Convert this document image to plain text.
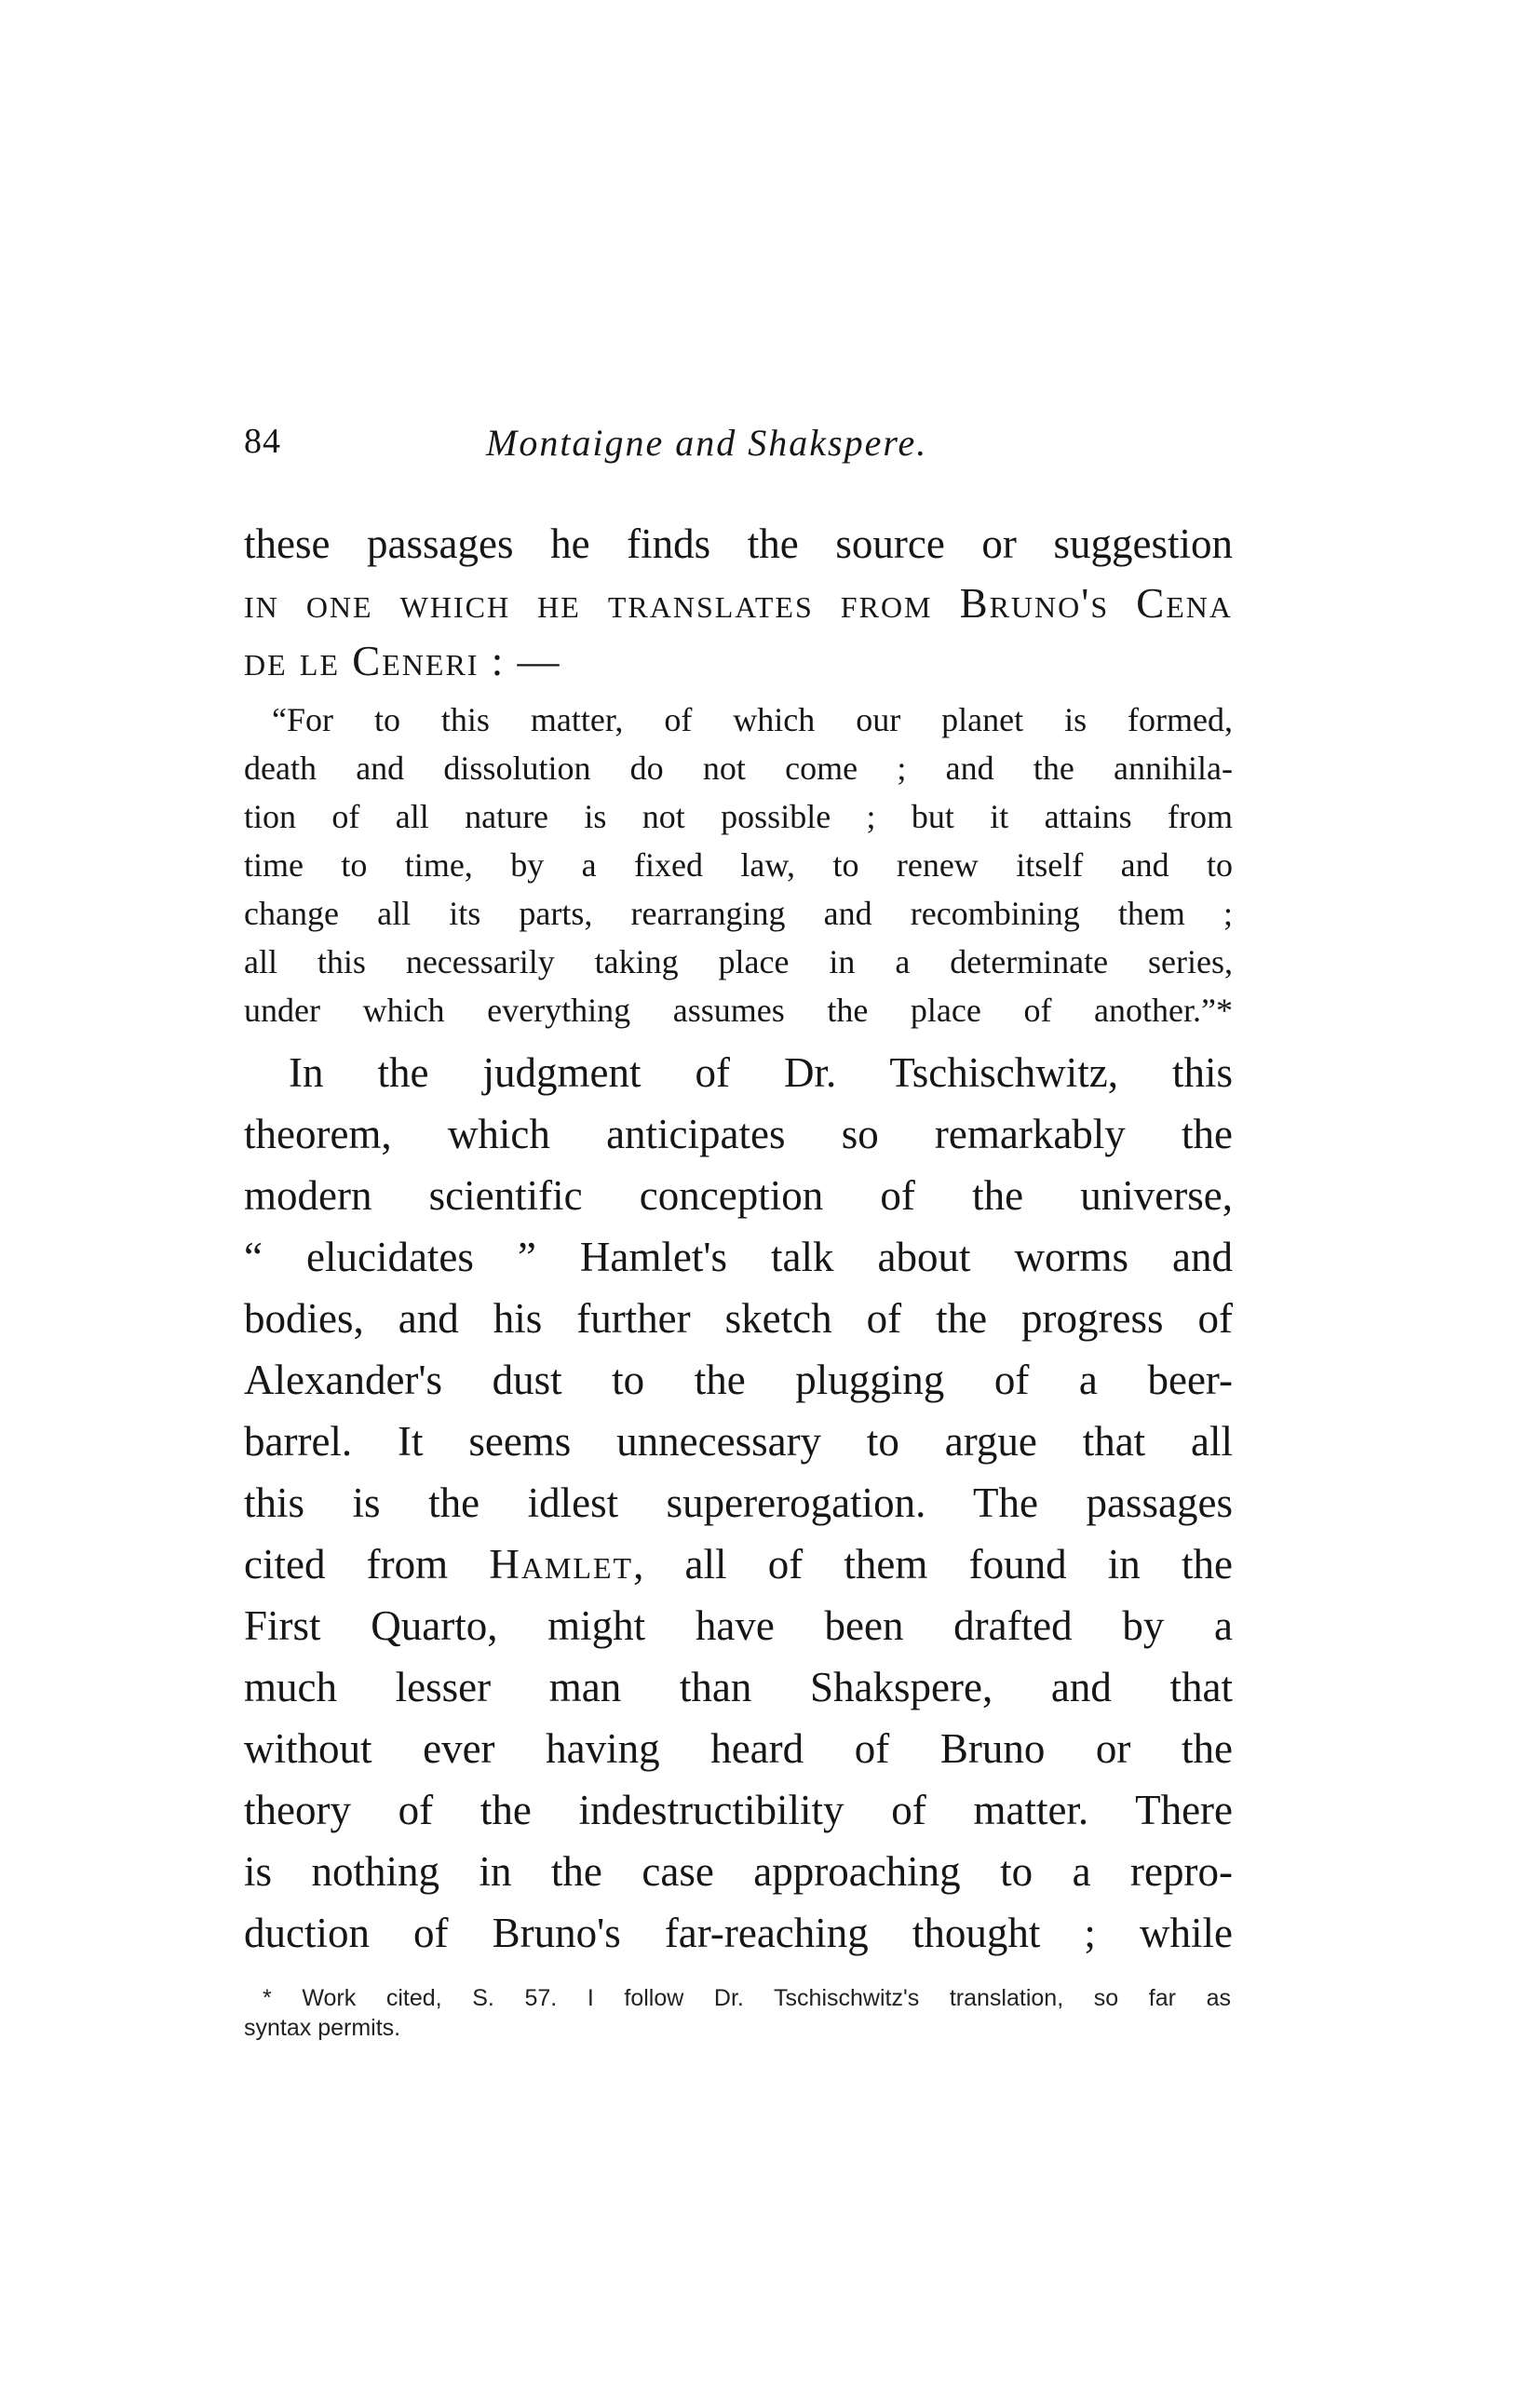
84	Montaigne and Shakspere.
these passages he finds the source or suggestion
in one which he translates from Bruno's Cena
de le Ceneri : —
“For to this matter, of which our planet is formed,
death and dissolution do not come ; and the annihila-
tion of all nature is not possible ; but it attains from
time to time, by a fixed law, to renew itself and to
change all its parts, rearranging and recombining them ;
all this necessarily taking place in a determinate series,
under which everything assumes the place of another.”*
In the judgment of Dr. Tschischwitz, this
theorem, which anticipates so remarkably the
modern scientific conception of the universe,
“ elucidates ” Hamlet's talk about worms and
bodies, and his further sketch of the progress of
Alexander's dust to the plugging of a beer-
barrel. It seems unnecessary to argue that all
this is the idlest supererogation. The passages
cited from Hamlet, all of them found in the
First Quarto, might have been drafted by a
much lesser man than Shakspere, and that
without ever having heard of Bruno or the
theory of the indestructibility of matter. There
is nothing in the case approaching to a repro-
duction of Bruno's far-reaching thought ; while
* Work cited, S. 57. I follow Dr. Tschischwitz's translation, so far as
syntax permits.
